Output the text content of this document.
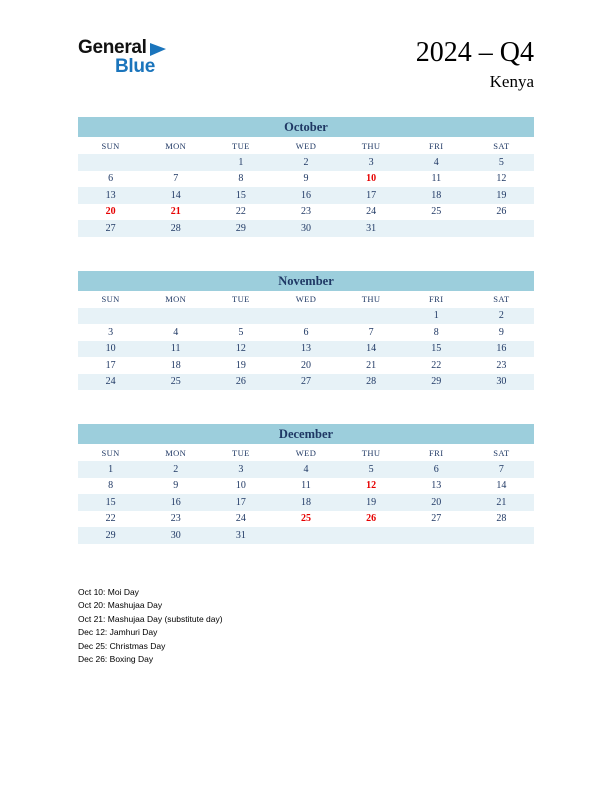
General
Blue	2024 – Q4
Kenya
October
SUN	MON	TUE	WED	THU	FRI	SAT
		1	2	3	4	5
6	7	8	9	10	11	12
13	14	15	16	17	18	19
20	21	22	23	24	25	26
27	28	29	30	31		
November
SUN	MON	TUE	WED	THU	FRI	SAT
					1	2
3	4	5	6	7	8	9
10	11	12	13	14	15	16
17	18	19	20	21	22	23
24	25	26	27	28	29	30
December
SUN	MON	TUE	WED	THU	FRI	SAT
1	2	3	4	5	6	7
8	9	10	11	12	13	14
15	16	17	18	19	20	21
22	23	24	25	26	27	28
29	30	31				
Oct 10: Moi Day
Oct 20: Mashujaa Day
Oct 21: Mashujaa Day (substitute day)
Dec 12: Jamhuri Day
Dec 25: Christmas Day
Dec 26: Boxing Day
